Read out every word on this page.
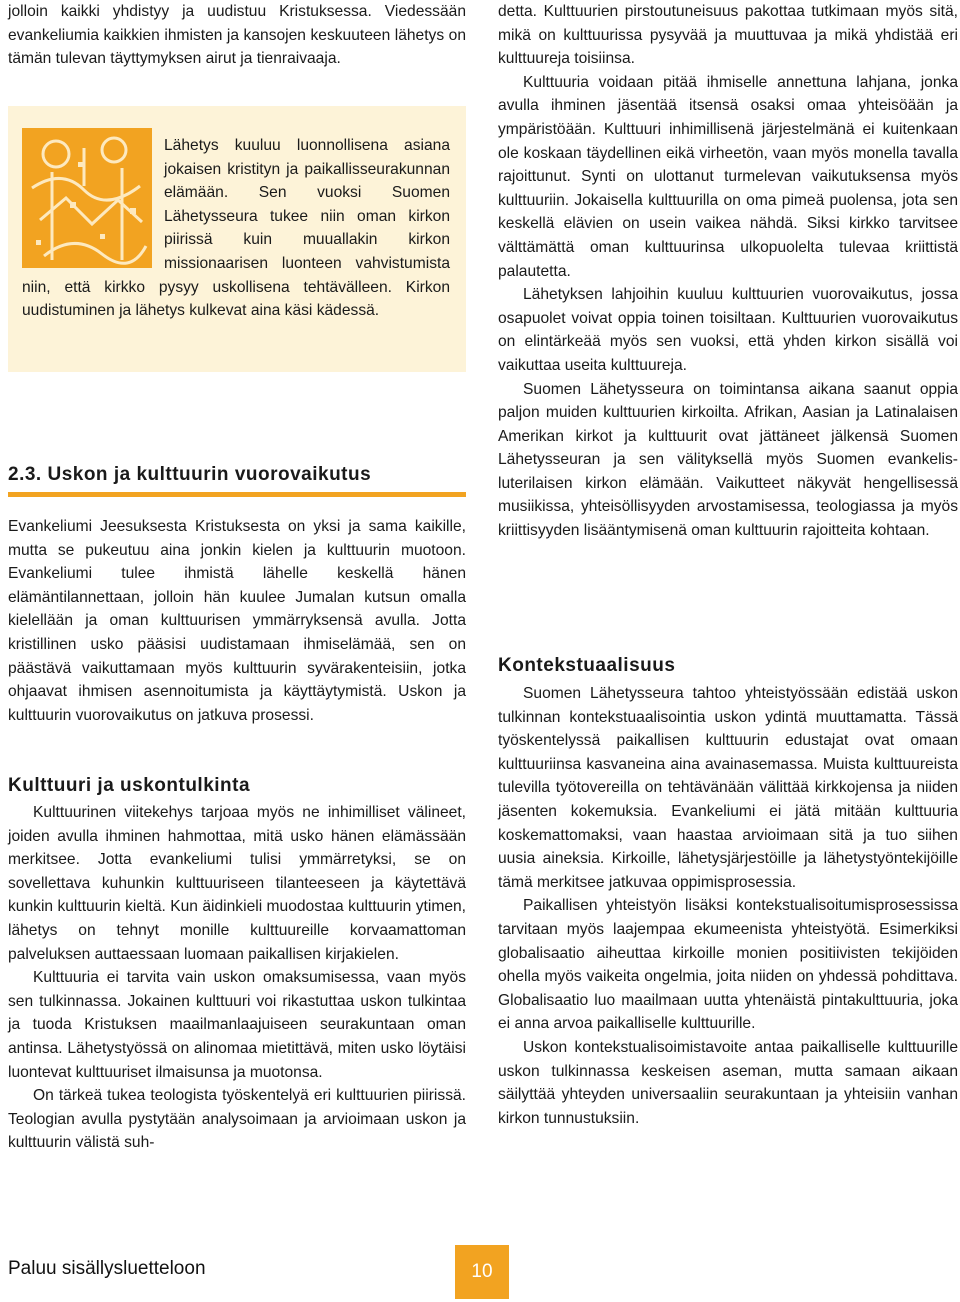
jolloin kaikki yhdistyy ja uudistuu Kristuksessa. Viedessään evankeliumia kaikkien ihmisten ja kansojen keskuuteen lähetys on tämän tulevan täyttymyksen airut ja tienraivaaja.

Lähetys kuuluu luonnollisena asiana jokaisen kristityn ja paikallisseurakunnan elämään. Sen vuoksi Suomen Lähetysseura tukee niin oman kirkon piirissä kuin muuallakin kirkon missionaarisen luonteen vahvistumista niin, että kirkko pysyy uskollisena tehtävälleen. Kirkon uudistuminen ja lähetys kulkevat aina käsi kädessä.
2.3. Uskon ja kulttuurin vuorovaikutus

Evankeliumi Jeesuksesta Kristuksesta on yksi ja sama kaikille, mutta se pukeutuu aina jonkin kielen ja kulttuurin muotoon. Evankeliumi tulee ihmistä lähelle keskellä hänen elämäntilannettaan, jolloin hän kuulee Jumalan kutsun omalla kielellään ja oman kulttuurisen ymmärryksensä avulla. Jotta kristillinen usko pääsisi uudistamaan ihmiselämää, sen on päästävä vaikuttamaan myös kulttuurin syvärakenteisiin, jotka ohjaavat ihmisen asennoitumista ja käyttäytymistä. Uskon ja kulttuurin vuorovaikutus on jatkuva prosessi.

Kulttuuri ja uskontulkinta

Kulttuurinen viitekehys tarjoaa myös ne inhimilliset välineet, joiden avulla ihminen hahmottaa, mitä usko hänen elämässään merkitsee. Jotta evankeliumi tulisi ymmärretyksi, se on sovellettava kuhunkin kulttuuriseen tilanteeseen ja käytettävä kunkin kulttuurin kieltä. Kun äidinkieli muodostaa kulttuurin ytimen, lähetys on tehnyt monille kulttuureille korvaamattoman palveluksen auttaessaan luomaan paikallisen kirjakielen.

Kulttuuria ei tarvita vain uskon omaksumisessa, vaan myös sen tulkinnassa. Jokainen kulttuuri voi rikastuttaa uskon tulkintaa ja tuoda Kristuksen maailmanlaajuiseen seurakuntaan oman antinsa. Lähetystyössä on alinomaa mietittävä, miten usko löytäisi luontevat kulttuuriset ilmaisunsa ja muotonsa.

On tärkeä tukea teologista työskentelyä eri kulttuurien piirissä. Teologian avulla pystytään analysoimaan ja arvioimaan uskon ja kulttuurin välistä suh-

detta. Kulttuurien pirstoutuneisuus pakottaa tutkimaan myös sitä, mikä on kulttuurissa pysyvää ja muuttuvaa ja mikä yhdistää eri kulttuureja toisiinsa.

Kulttuuria voidaan pitää ihmiselle annettuna lahjana, jonka avulla ihminen jäsentää itsensä osaksi omaa yhteisöään ja ympäristöään. Kulttuuri inhimillisenä järjestelmänä ei kuitenkaan ole koskaan täydellinen eikä virheetön, vaan myös monella tavalla rajoittunut. Synti on ulottanut turmelevan vaikutuksensa myös kulttuuriin. Jokaisella kulttuurilla on oma pimeä puolensa, jota sen keskellä elävien on usein vaikea nähdä. Siksi kirkko tarvitsee välttämättä oman kulttuurinsa ulkopuolelta tulevaa kriittistä palautetta.

Lähetyksen lahjoihin kuuluu kulttuurien vuorovaikutus, jossa osapuolet voivat oppia toinen toisiltaan. Kulttuurien vuorovaikutus on elintärkeää myös sen vuoksi, että yhden kirkon sisällä voi vaikuttaa useita kulttuureja.

Suomen Lähetysseura on toimintansa aikana saanut oppia paljon muiden kulttuurien kirkoilta. Afrikan, Aasian ja Latinalaisen Amerikan kirkot ja kulttuurit ovat jättäneet jälkensä Suomen Lähetysseuran ja sen välityksellä myös Suomen evankelis-luterilaisen kirkon elämään. Vaikutteet näkyvät hengellisessä musiikissa, yhteisöllisyyden arvostamisessa, teologiassa ja myös kriittisyyden lisääntymisenä oman kulttuurin rajoitteita kohtaan.

Kontekstuaalisuus

Suomen Lähetysseura tahtoo yhteistyössään edistää uskon tulkinnan kontekstuaalisointia uskon ydintä muuttamatta. Tässä työskentelyssä paikallisen kulttuurin edustajat ovat omaan kulttuuriinsa kasvaneina aina avainasemassa. Muista kulttuureista tulevilla työtovereilla on tehtävänään välittää kirkkojensa ja niiden jäsenten kokemuksia. Evankeliumi ei jätä mitään kulttuuria koskemattomaksi, vaan haastaa arvioimaan sitä ja tuo siihen uusia aineksia. Kirkoille, lähetysjärjestöille ja lähetystyöntekijöille tämä merkitsee jatkuvaa oppimisprosessia.

Paikallisen yhteistyön lisäksi kontekstualisoitumisprosessissa tarvitaan myös laajempaa ekumeenista yhteistyötä. Esimerkiksi globalisaatio aiheuttaa kirkoille monien positiivisten tekijöiden ohella myös vaikeita ongelmia, joita niiden on yhdessä pohdittava. Globalisaatio luo maailmaan uutta yhtenäistä pintakulttuuria, joka ei anna arvoa paikalliselle kulttuurille.

Uskon kontekstualisoimistavoite antaa paikalliselle kulttuurille uskon tulkinnassa keskeisen aseman, mutta samaan aikaan säilyttää yhteyden universaaliin seurakuntaan ja yhteisiin vanhan kirkon tunnustuksiin.

Paluu sisällysluetteloon	10
